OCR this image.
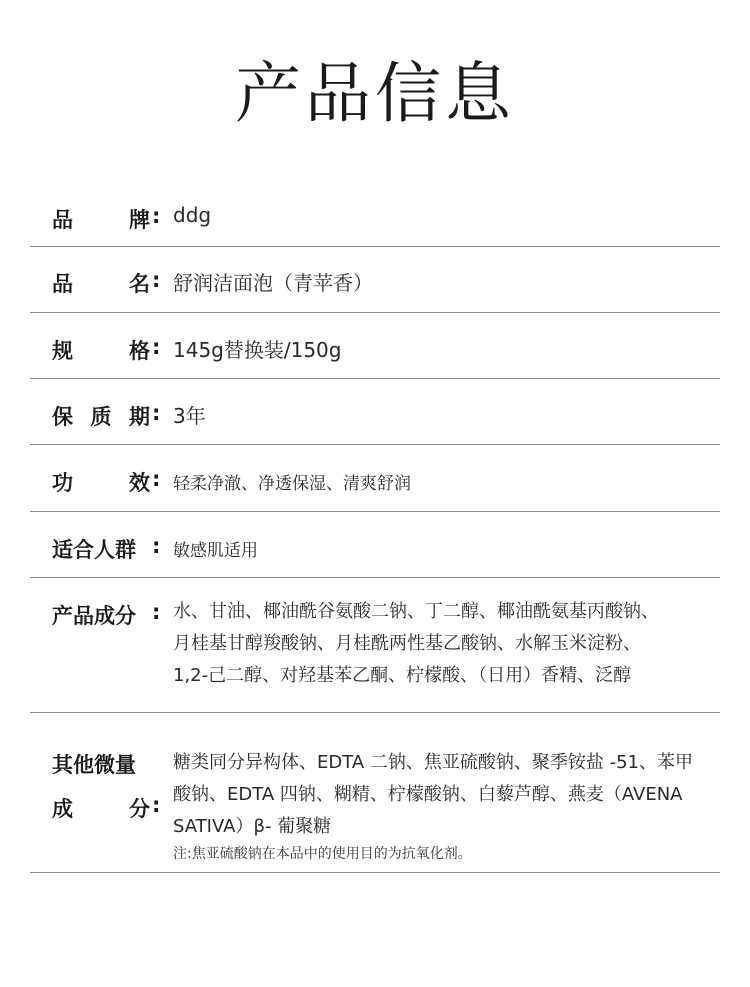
产品信息
品	牌 : ddg
品	名 : 舒润洁面泡（青苹香）
规	格 : 145g替换装/150g
保 质 期 : 3年
功	效 : 轻柔净澈、净透保湿、清爽舒润
适合人群 : 敏感肌适用
产品成分 : 水、甘油、椰油酰谷氨酸二钠、丁二醇、椰油酰氨基丙酸钠、
月桂基甘醇羧酸钠、月桂酰两性基乙酸钠、水解玉米淀粉、
1,2-己二醇、对羟基苯乙酮、柠檬酸、（日用）香精、泛醇
其他微量
成	分 :
糖类同分异构体、EDTA 二钠、焦亚硫酸钠、聚季铵盐 -51、苯甲
酸钠、EDTA 四钠、糊精、柠檬酸钠、白藜芦醇、燕麦（AVENA
SATIVA）β- 葡聚糖
注:焦亚硫酸钠在本品中的使用目的为抗氧化剂。
